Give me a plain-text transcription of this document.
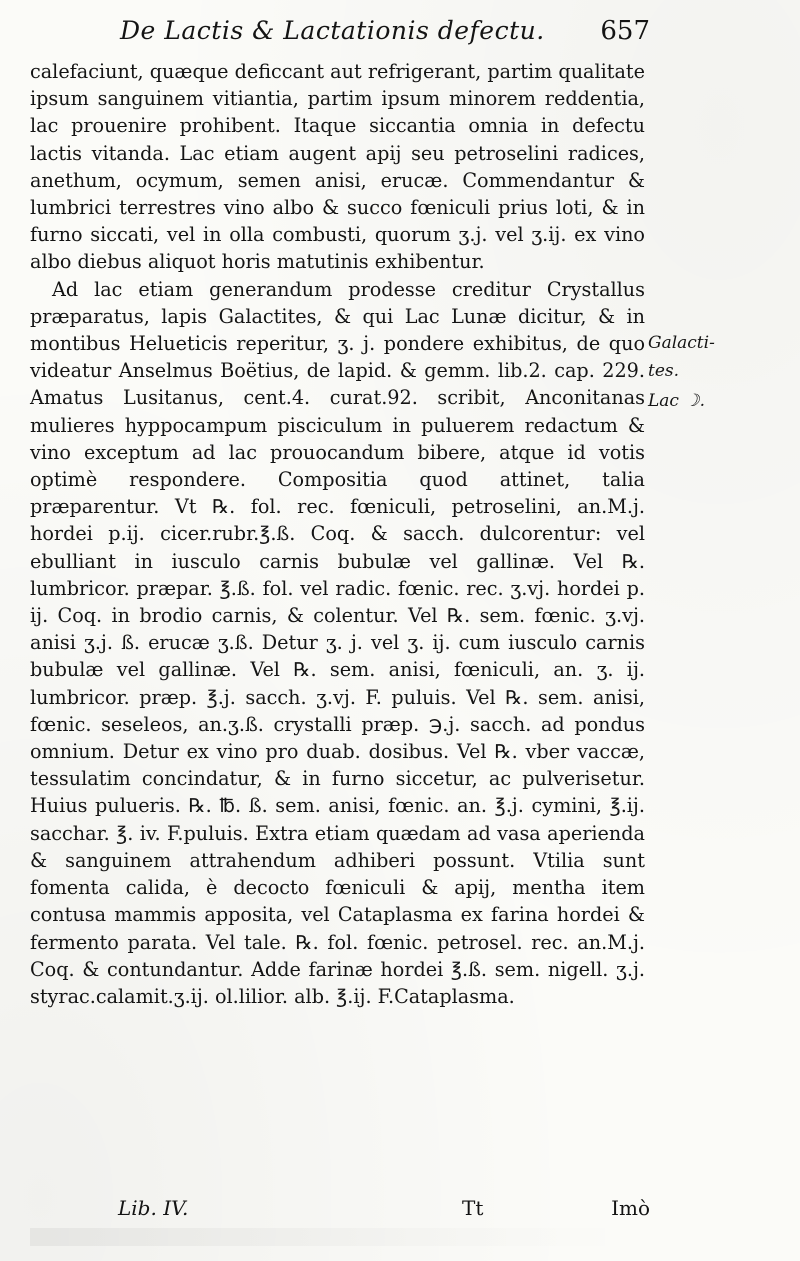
De Lactis & Lactationis defectu. 657

calefaciunt, quæque deficcant aut refrigerant, partim qualitate ipsum sanguinem vitiantia, partim ipsum minorem reddentia, lac prouenire prohibent. Itaque siccantia omnia in defectu lactis vitanda. Lac etiam augent apij seu petroselini radices, anethum, ocymum, semen anisi, erucæ. Commendantur & lumbrici terrestres vino albo & succo fœniculi prius loti, & in furno siccati, vel in olla combusti, quorum ʒ.j. vel ʒ.ij. ex vino albo diebus aliquot horis matutinis exhibentur.

Ad lac etiam generandum prodesse creditur Crystallus præparatus, lapis Galactites, & qui Lac Lunæ dicitur, & in montibus Helueticis reperitur, ʒ. j. pondere exhibitus, de quo videatur Anselmus Boëtius, de lapid. & gemm. lib.2. cap. 229. Amatus Lusitanus, cent.4. curat.92. scribit, Anconitanas mulieres hyppocampum pisciculum in puluerem redactum & vino exceptum ad lac prouocandum bibere, atque id votis optimè respondere. Compositia quod attinet, talia præparentur. Vt ℞. fol. rec. fœniculi, petroselini, an.M.j. hordei p.ij. cicer.rubr.℥.ß. Coq. & sacch. dulcorentur: vel ebulliant in iusculo carnis bubulæ vel gallinæ. Vel ℞. lumbricor. præpar. ℥.ß. fol. vel radic. fœnic. rec. ʒ.vj. hordei p. ij. Coq. in brodio carnis, & colentur. Vel ℞. sem. fœnic. ʒ.vj. anisi ʒ.j. ß. erucæ ʒ.ß. Detur ʒ. j. vel ʒ. ij. cum iusculo carnis bubulæ vel gallinæ. Vel ℞. sem. anisi, fœniculi, an. ʒ. ij. lumbricor. præp. ℥.j. sacch. ʒ.vj. F. puluis. Vel ℞. sem. anisi, fœnic. seseleos, an.ʒ.ß. crystalli præp. ℈.j. sacch. ad pondus omnium. Detur ex vino pro duab. dosibus. Vel ℞. vber vaccæ, tessulatim concindatur, & in furno siccetur, ac pulverisetur. Huius pulueris. ℞. ℔. ß. sem. anisi, fœnic. an. ℥.j. cymini, ℥.ij. sacchar. ℥. iv. F.puluis. Extra etiam quædam ad vasa aperienda & sanguinem attrahendum adhiberi possunt. Vtilia sunt fomenta calida, è decocto fœniculi & apij, mentha item contusa mammis apposita, vel Cataplasma ex farina hordei & fermento parata. Vel tale. ℞. fol. fœnic. petrosel. rec. an.M.j. Coq. & contundantur. Adde farinæ hordei ℥.ß. sem. nigell. ʒ.j. styrac.calamit.ʒ.ij. ol.lilior. alb. ℥.ij. F.Cataplasma.

Galacti-
tes.
Lac ☽.
Lib. IV.	Tt	Imò
